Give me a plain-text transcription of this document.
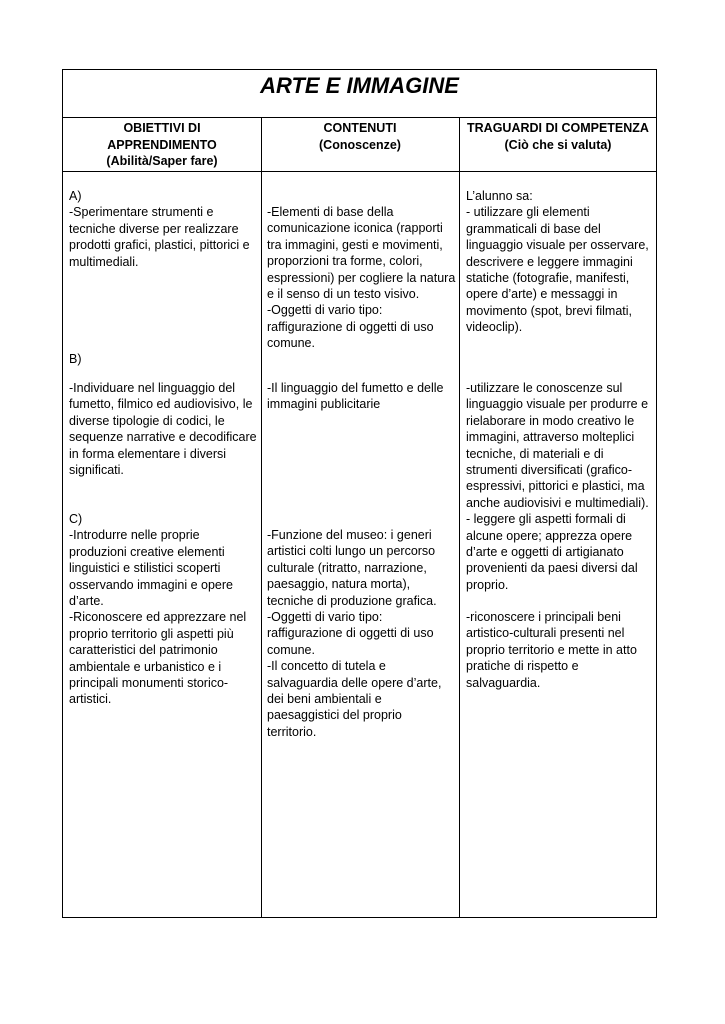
ARTE E IMMAGINE
OBIETTIVI DI
APPRENDIMENTO
(Abilità/Saper fare)
CONTENUTI
(Conoscenze)
TRAGUARDI DI COMPETENZA
(Ciò che si valuta)
A)
-Sperimentare strumenti e
tecniche diverse per realizzare
prodotti grafici, plastici, pittorici e
multimediali.
B)
-Individuare nel linguaggio del
fumetto, filmico ed audiovisivo, le
diverse tipologie di codici, le
sequenze narrative e decodificare
in forma elementare i diversi
significati.
C)
-Introdurre nelle proprie
produzioni creative elementi
linguistici e stilistici scoperti
osservando immagini e opere
d’arte.
-Riconoscere ed apprezzare nel
proprio territorio gli aspetti più
caratteristici del patrimonio
ambientale e urbanistico e i
principali monumenti storico-
artistici.
-Elementi di base della
comunicazione iconica (rapporti
tra immagini, gesti e movimenti,
proporzioni tra forme, colori,
espressioni) per cogliere la natura
e il senso di un testo visivo.
-Oggetti di vario tipo:
raffigurazione di oggetti di uso
comune.
-Il linguaggio del fumetto e delle
immagini publicitarie
-Funzione del museo: i generi
artistici colti lungo un percorso
culturale (ritratto, narrazione,
paesaggio, natura morta),
tecniche di produzione grafica.
-Oggetti di vario tipo:
raffigurazione di oggetti di uso
comune.
-Il concetto di tutela e
salvaguardia delle opere d’arte,
dei beni ambientali e
paesaggistici del proprio
territorio.
L’alunno sa:
- utilizzare gli elementi
grammaticali di base del
linguaggio visuale per osservare,
descrivere e leggere immagini
statiche (fotografie, manifesti,
opere d’arte) e messaggi in
movimento (spot, brevi filmati,
videoclip).
-utilizzare le conoscenze sul
linguaggio visuale per produrre e
rielaborare in modo creativo le
immagini, attraverso molteplici
tecniche, di materiali e di
strumenti diversificati (grafico-
espressivi, pittorici e plastici, ma
anche audiovisivi e multimediali).
- leggere gli aspetti formali di
alcune opere; apprezza opere
d’arte e oggetti di artigianato
provenienti da paesi diversi dal
proprio.
-riconoscere i principali beni
artistico-culturali presenti nel
proprio territorio e mette in atto
pratiche di rispetto e
salvaguardia.
